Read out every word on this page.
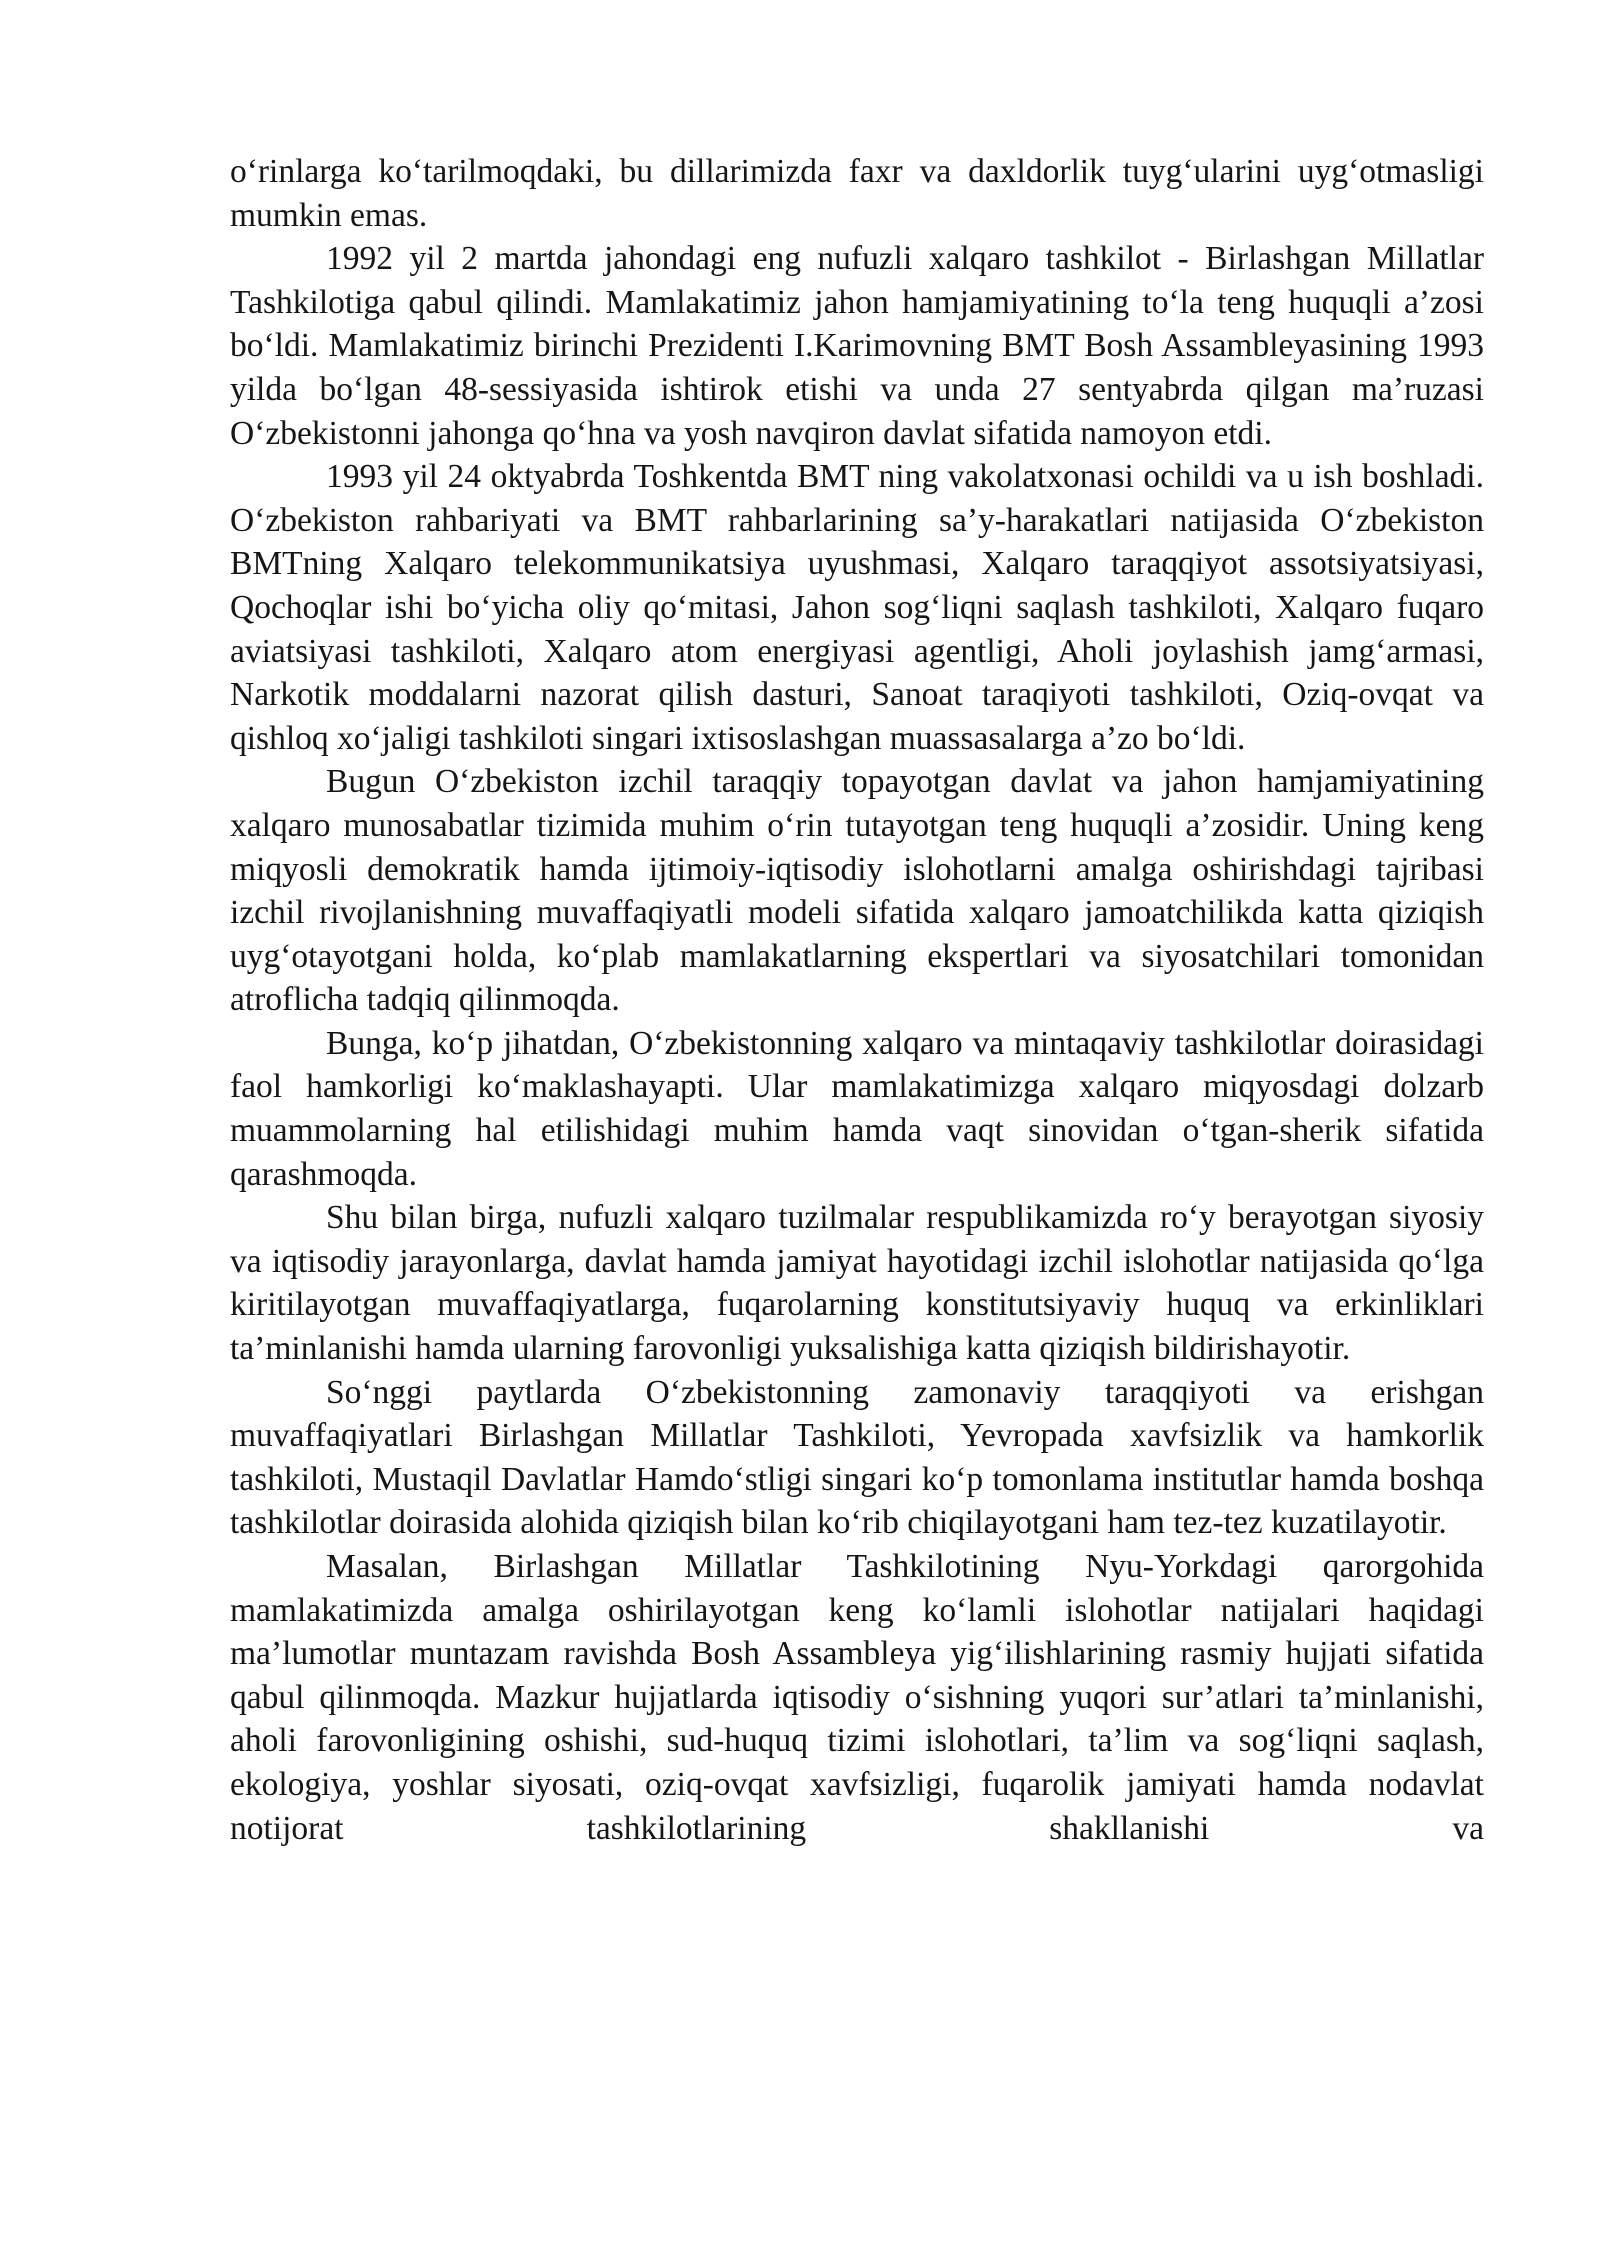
o‘rinlarga ko‘tarilmoqdaki, bu dillarimizda faxr va daxldorlik tuyg‘ularini uyg‘otmasligi mumkin emas.

1992 yil 2 martda jahondagi eng nufuzli xalqaro tashkilot - Birlashgan Millatlar Tashkilotiga qabul qilindi. Mamlakatimiz jahon hamjamiyatining to‘la teng huquqli a’zosi bo‘ldi. Mamlakatimiz birinchi Prezidenti I.Karimovning BMT Bosh Assambleyasining 1993 yilda bo‘lgan 48-sessiyasida ishtirok etishi va unda 27 sentyabrda qilgan ma’ruzasi O‘zbekistonni jahonga qo‘hna va yosh navqiron davlat sifatida namoyon etdi.

1993 yil 24 oktyabrda Toshkentda BMT ning vakolatxonasi ochildi va u ish boshladi. O‘zbekiston rahbariyati va BMT rahbarlarining sa’y-harakatlari natijasida O‘zbekiston BMTning Xalqaro telekommunikatsiya uyushmasi, Xalqaro taraqqiyot assotsiyatsiyasi, Qochoqlar ishi bo‘yicha oliy qo‘mitasi, Jahon sog‘liqni saqlash tashkiloti, Xalqaro fuqaro aviatsiyasi tashkiloti, Xalqaro atom energiyasi agentligi, Aholi joylashish jamg‘armasi, Narkotik moddalarni nazorat qilish dasturi, Sanoat taraqiyoti tashkiloti, Oziq-ovqat va qishloq xo‘jaligi tashkiloti singari ixtisoslashgan muassasalarga a’zo bo‘ldi.

Bugun O‘zbekiston izchil taraqqiy topayotgan davlat va jahon hamjamiyatining xalqaro munosabatlar tizimida muhim o‘rin tutayotgan teng huquqli a’zosidir. Uning keng miqyosli demokratik hamda ijtimoiy-iqtisodiy islohotlarni amalga oshirishdagi tajribasi izchil rivojlanishning muvaffaqiyatli modeli sifatida xalqaro jamoatchilikda katta qiziqish uyg‘otayotgani holda, ko‘plab mamlakatlarning ekspertlari va siyosatchilari tomonidan atroflicha tadqiq qilinmoqda.

Bunga, ko‘p jihatdan, O‘zbekistonning xalqaro va mintaqaviy tashkilotlar doirasidagi faol hamkorligi ko‘maklashayapti. Ular mamlakatimizga xalqaro miqyosdagi dolzarb muammolarning hal etilishidagi muhim hamda vaqt sinovidan o‘tgan-sherik sifatida qarashmoqda.

Shu bilan birga, nufuzli xalqaro tuzilmalar respublikamizda ro‘y berayotgan siyosiy va iqtisodiy jarayonlarga, davlat hamda jamiyat hayotidagi izchil islohotlar natijasida qo‘lga kiritilayotgan muvaffaqiyatlarga, fuqarolarning konstitutsiyaviy huquq va erkinliklari ta’minlanishi hamda ularning farovonligi yuksalishiga katta qiziqish bildirishayotir.

So‘nggi paytlarda O‘zbekistonning zamonaviy taraqqiyoti va erishgan muvaffaqiyatlari Birlashgan Millatlar Tashkiloti, Yevropada xavfsizlik va hamkorlik tashkiloti, Mustaqil Davlatlar Hamdo‘stligi singari ko‘p tomonlama institutlar hamda boshqa tashkilotlar doirasida alohida qiziqish bilan ko‘rib chiqilayotgani ham tez-tez kuzatilayotir.

Masalan, Birlashgan Millatlar Tashkilotining Nyu-Yorkdagi qarorgohida mamlakatimizda amalga oshirilayotgan keng ko‘lamli islohotlar natijalari haqidagi ma’lumotlar muntazam ravishda Bosh Assambleya yig‘ilishlarining rasmiy hujjati sifatida qabul qilinmoqda. Mazkur hujjatlarda iqtisodiy o‘sishning yuqori sur’atlari ta’minlanishi, aholi farovonligining oshishi, sud-huquq tizimi islohotlari, ta’lim va sog‘liqni saqlash, ekologiya, yoshlar siyosati, oziq-ovqat xavfsizligi, fuqarolik jamiyati hamda nodavlat notijorat tashkilotlarining shakllanishi va
